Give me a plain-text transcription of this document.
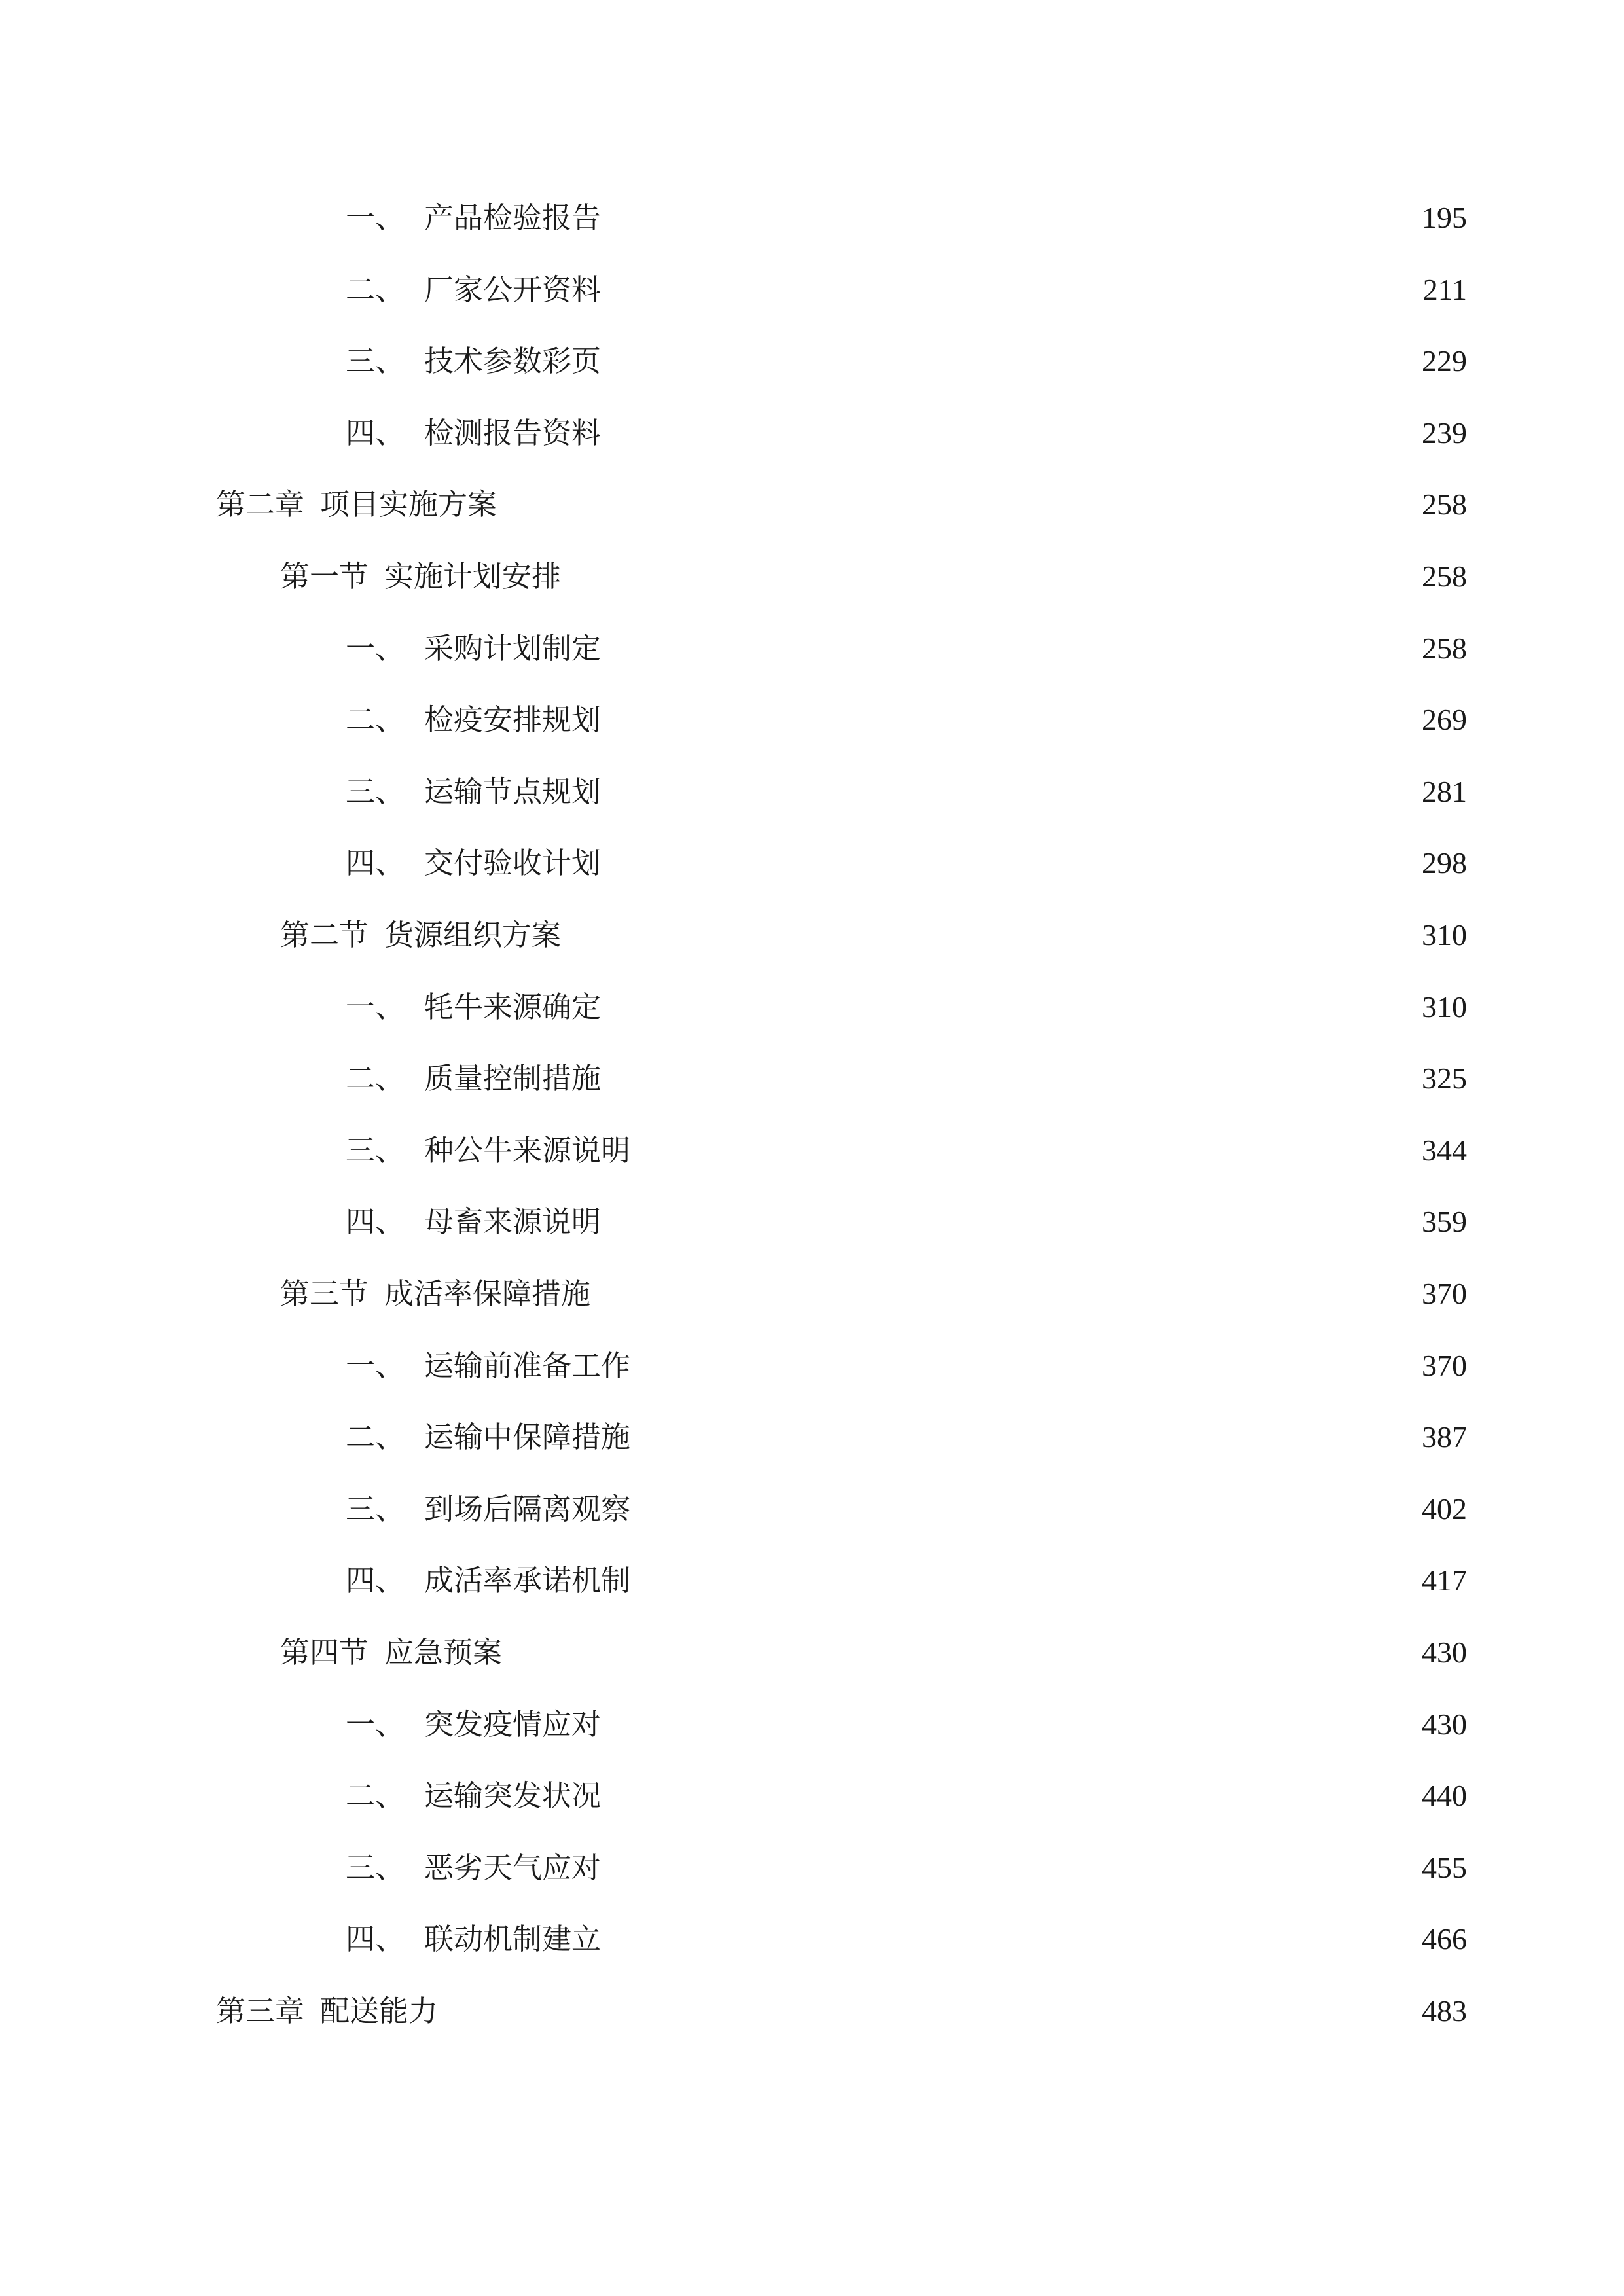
一、 产品检验报告	195
二、 厂家公开资料	211
三、 技术参数彩页	229
四、 检测报告资料	239
第二章 项目实施方案	258
第一节 实施计划安排	258
一、 采购计划制定	258
二、 检疫安排规划	269
三、 运输节点规划	281
四、 交付验收计划	298
第二节 货源组织方案	310
一、 牦牛来源确定	310
二、 质量控制措施	325
三、 种公牛来源说明	344
四、 母畜来源说明	359
第三节 成活率保障措施	370
一、 运输前准备工作	370
二、 运输中保障措施	387
三、 到场后隔离观察	402
四、 成活率承诺机制	417
第四节 应急预案	430
一、 突发疫情应对	430
二、 运输突发状况	440
三、 恶劣天气应对	455
四、 联动机制建立	466
第三章 配送能力	483
